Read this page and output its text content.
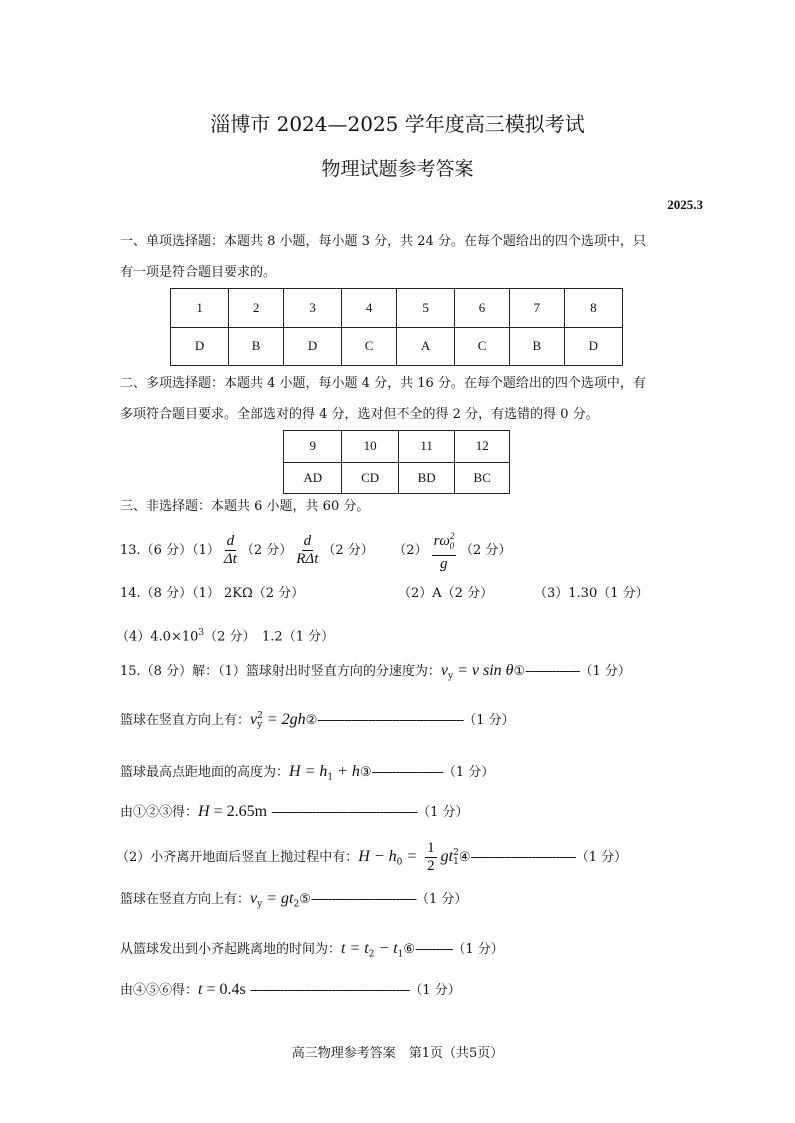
淄博市 2024—2025 学年度高三模拟考试
物理试题参考答案
2025.3
一、单项选择题：本题共 8 小题，每小题 3 分，共 24 分。在每个题给出的四个选项中，只
有一项是符合题目要求的。
1	2	3	4	5	6	7	8
D	B	D	C	A	C	B	D
二、多项选择题：本题共 4 小题，每小题 4 分，共 16 分。在每个题给出的四个选项中，有
多项符合题目要求。全部选对的得 4 分，选对但不全的得 2 分，有选错的得 0 分。
9	10	11	12
AD	CD	BD	BC
三、非选择题：本题共 6 小题，共 60 分。
13.（6 分）$(1) \frac{d}{\Delta t} (2$ 分） $\frac{d}{\text{RΔt}} (2$ 分） $(2) \frac{r\omega^2_0}{g} (2$ 分）
14.（8 分）（1） 2KΩ（2 分）	（2）A（2 分）	（3）1.30（1 分）
$(4)4.0\times 10^3(2$ 分）　1.2（1 分）
15.（8 分）解：（1）篮球射出时竖直方向的分速度为：$v_y = v$ sin θ①----------------（1 分）
篮球在竖直方向上有：v 2
y = 2gh②-------------------------------------------（1 分）
篮球最高点距地面的高度为：$H = h_1$ + h③---------------------（1 分）
由①②③得：H = 2.65m -------------------------------------------（1 分）
（2）小齐离开地面后竖直上抛过程中有：$H - h_0 = \frac{1}{2}$ gt 2
1 ④-------------------------------（1 分）
篮球在竖直方向上有：$v_y$ = $gt_2⑤-------------------------------(1$ 分）
从篮球发出到小齐起跳离地的时间为：$t = t_2$ − $t_1⑥-----------(1$ 分）
由④⑤⑥得：t = 0.4s -----------------------------------------------（1 分）
高三物理参考答案　第1页（共5页）
